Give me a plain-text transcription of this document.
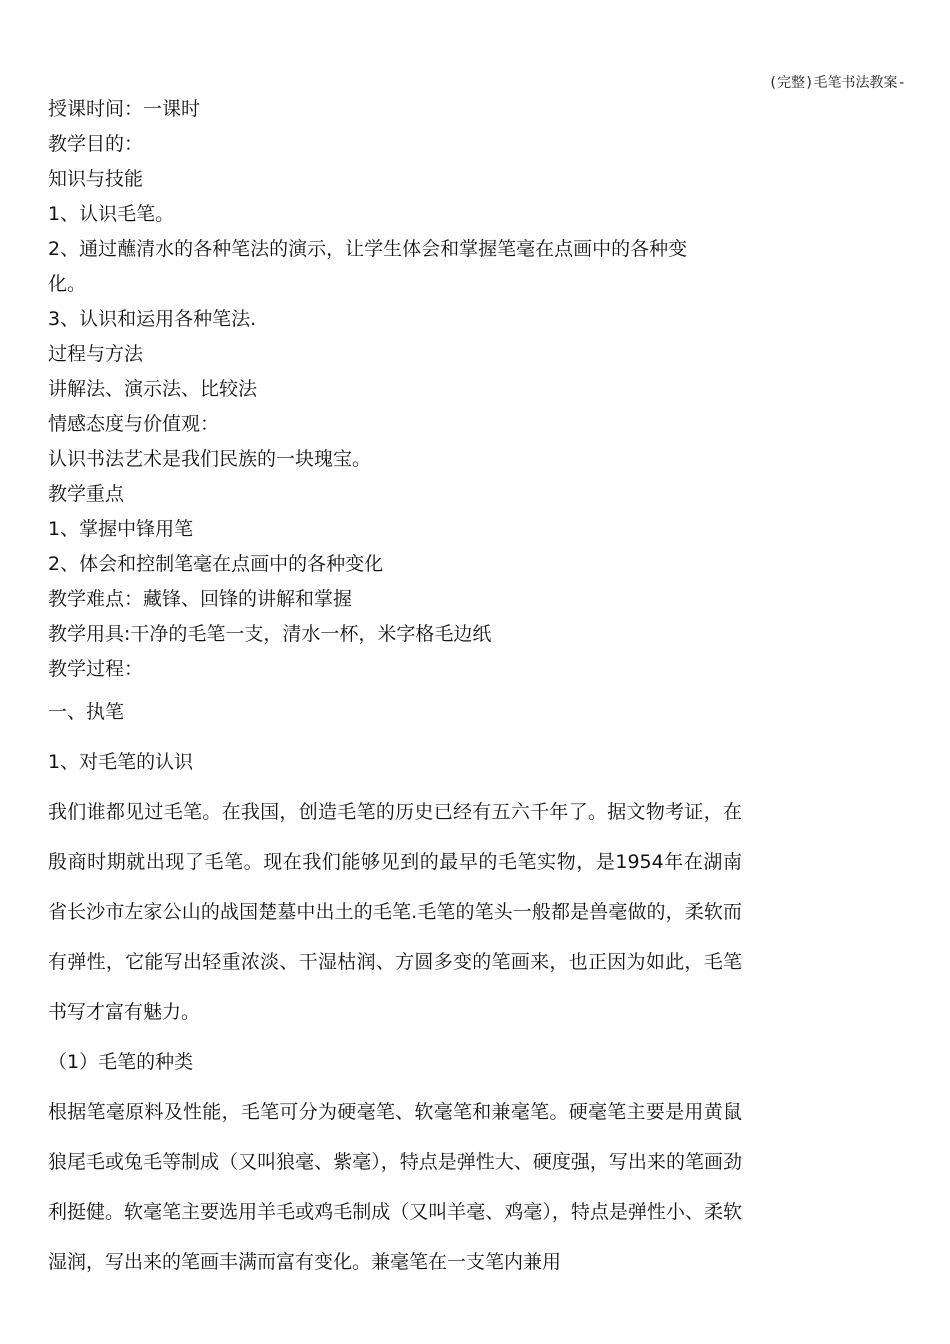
(完整)毛笔书法教案-
授课时间：一课时
教学目的：
知识与技能
1、认识毛笔。
2、通过蘸清水的各种笔法的演示，让学生体会和掌握笔毫在点画中的各种变
化。
3、认识和运用各种笔法.
过程与方法
讲解法、演示法、比较法
情感态度与价值观：
认识书法艺术是我们民族的一块瑰宝。
教学重点
1、掌握中锋用笔
2、体会和控制笔毫在点画中的各种变化
教学难点：藏锋、回锋的讲解和掌握
教学用具:干净的毛笔一支，清水一杯，米字格毛边纸
教学过程：
一、执笔
1、对毛笔的认识
我们谁都见过毛笔。在我国，创造毛笔的历史已经有五六千年了。据文物考证，在殷商时期就出现了毛笔。现在我们能够见到的最早的毛笔实物，是1954年在湖南省长沙市左家公山的战国楚墓中出土的毛笔.毛笔的笔头一般都是兽毫做的，柔软而有弹性，它能写出轻重浓淡、干湿枯润、方圆多变的笔画来，也正因为如此，毛笔书写才富有魅力。
（1）毛笔的种类
根据笔毫原料及性能，毛笔可分为硬毫笔、软毫笔和兼毫笔。硬毫笔主要是用黄鼠狼尾毛或兔毛等制成（又叫狼毫、紫毫），特点是弹性大、硬度强，写出来的笔画劲利挺健。软毫笔主要选用羊毛或鸡毛制成（又叫羊毫、鸡毫），特点是弹性小、柔软湿润，写出来的笔画丰满而富有变化。兼毫笔在一支笔内兼用
